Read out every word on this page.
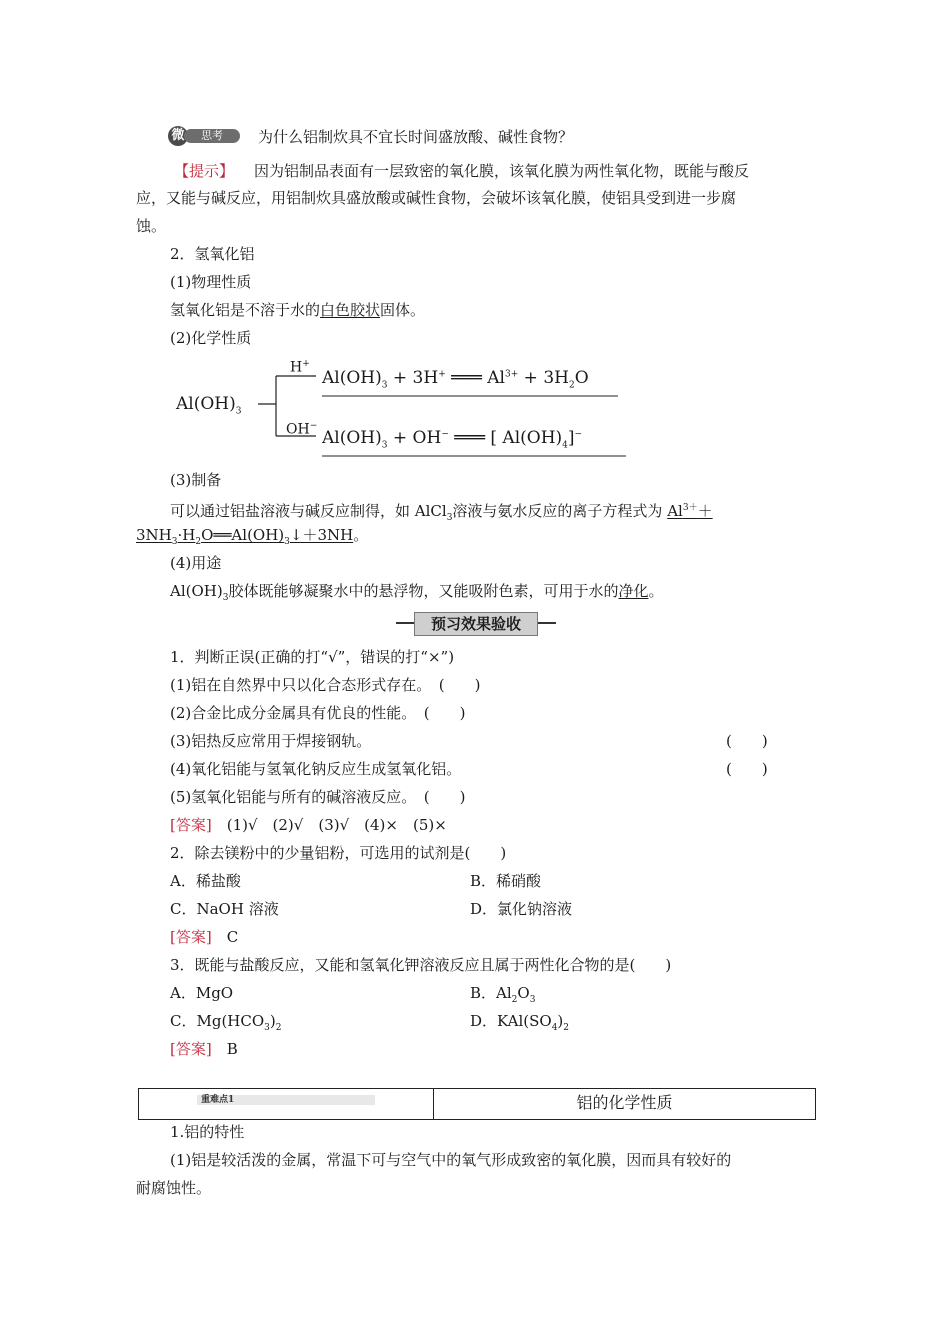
微	思考	为什么铝制炊具不宜长时间盛放酸、碱性食物？
【提示】 因为铝制品表面有一层致密的氧化膜，该氧化膜为两性氧化物，既能与酸反
应，又能与碱反应，用铝制炊具盛放酸或碱性食物，会破坏该氧化膜，使铝具受到进一步腐
蚀。
2．氢氧化铝
(1)物理性质
氢氧化铝是不溶于水的白色胶状固体。
(2)化学性质
$Al(OH)_3$
H+
OH−
$Al(OH)_3 + 3H^+$ ═══ $Al^{3+} + 3H_2O$
$Al(OH)_3 + OH^-$ ═══ [ $Al(OH)_4]^-$
(3)制备
可以通过铝盐溶液与碱反应制得，如 AlCl$_3$溶液与氨水反应的离子方程式为 $Al^{3+}+$
$3NH_3\cdot H_2O══Al(OH)_3↓+3NH$。
(4)用途
$Al(OH)_3$胶体既能够凝聚水中的悬浮物，又能吸附色素，可用于水的净化。
预习效果验收
1．判断正误(正确的打“√”，错误的打“×”)
(1)铝在自然界中只以化合态形式存在。　(　　)
(2)合金比成分金属具有优良的性能。　(　　)
(3)铝热反应常用于焊接钢轨。	(　　)
(4)氧化铝能与氢氧化钠反应生成氢氧化铝。	(　　)
(5)氢氧化铝能与所有的碱溶液反应。　(　　)
[答案]　 (1)√　(2)√　(3)√　(4)×　(5)×
2．除去镁粉中的少量铝粉，可选用的试剂是(　　)
A．稀盐酸	B．稀硝酸
C．NaOH 溶液	D．氯化钠溶液
[答案]　 C
3．既能与盐酸反应，又能和氢氧化钾溶液反应且属于两性化合物的是(　　)
A．MgO	B．$Al_2O_3$
C．$Mg(HCO_3)_2$	D．$KAl(SO_4)_2$
[答案]　 B
重难点1	铝的化学性质
1.铝的特性
(1)铝是较活泼的金属，常温下可与空气中的氧气形成致密的氧化膜，因而具有较好的
耐腐蚀性。
